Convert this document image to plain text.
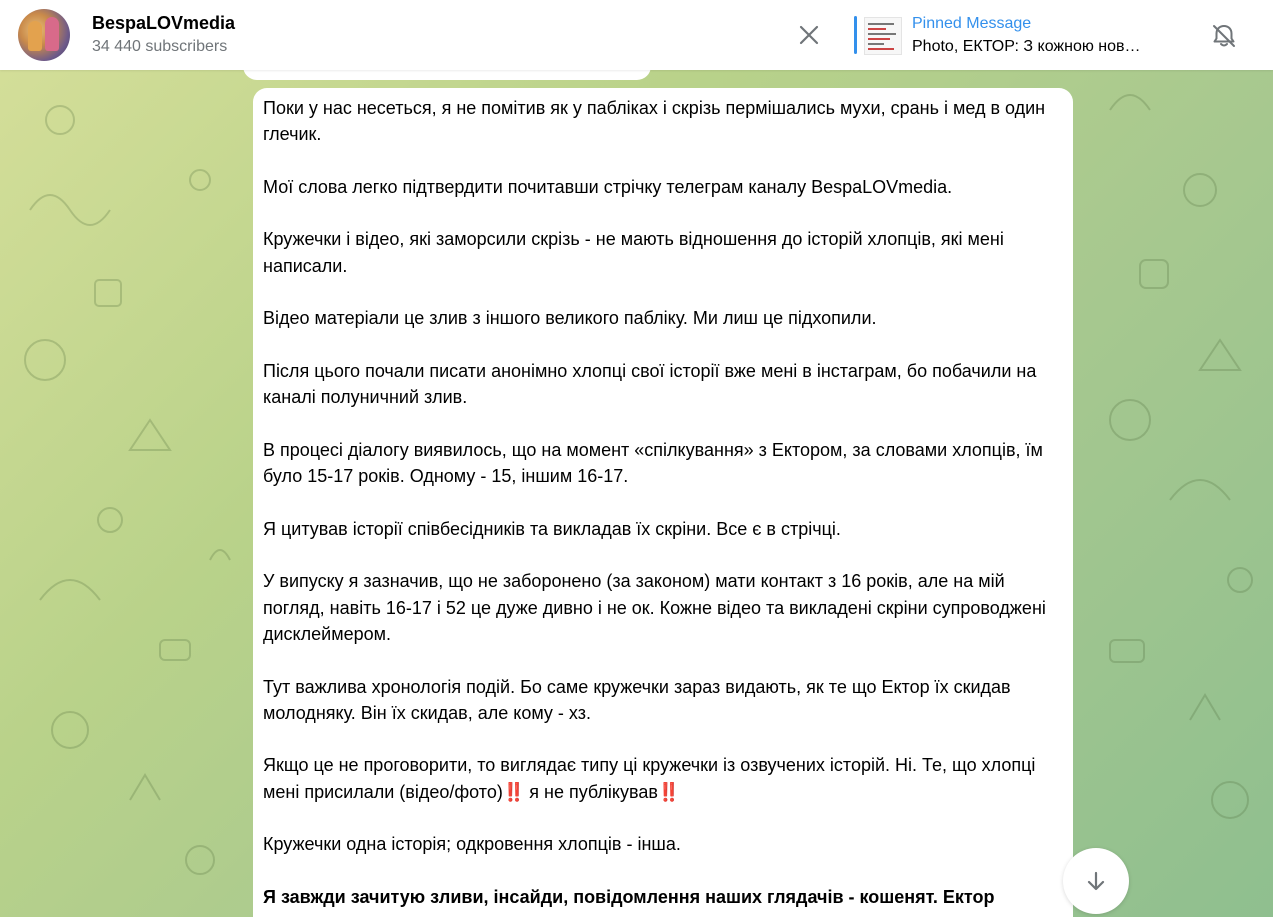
BespaLOVmedia
34 440 subscribers
Pinned Message
Photo, ЕКТОР: З кожною нов…

Поки у нас несеться, я не помітив як у пабліках і скрізь пермішались мухи, срань і мед в один глечик.

Мої слова легко підтвердити почитавши стрічку телеграм каналу BespaLOVmedia.

Кружечки і відео, які заморсили скрізь - не мають відношення до історій хлопців, які мені написали.

Відео матеріали це злив з іншого великого пабліку. Ми лиш це підхопили.

Після цього почали писати анонімно хлопці свої історії вже мені в інстаграм, бо побачили на каналі полуничний злив.

В процесі діалогу виявилось, що на момент «спілкування» з Ектором, за словами хлопців, їм було 15-17 років. Одному - 15, іншим 16-17.

Я цитував історії співбесідників та викладав їх скріни. Все є в стрічці.

У випуску я зазначив, що не заборонено (за законом) мати контакт з 16 років, але на мій погляд, навіть 16-17 і 52 це дуже дивно і не ок. Кожне відео та викладені скріни супроводжені дисклеймером.

Тут важлива хронологія подій. Бо саме кружечки зараз видають, як те що Ектор їх скидав молодняку. Він їх скидав, але кому - хз.

Якщо це не проговорити, то виглядає типу ці кружечки із озвучених історій. Ні. Те, що хлопці мені присилали (відео/фото)‼️ я не публікував‼️

Кружечки одна історія; одкровення хлопців - інша.

Я завжди зачитую зливи, інсайди, повідомлення наших глядачів - кошенят. Ектор
